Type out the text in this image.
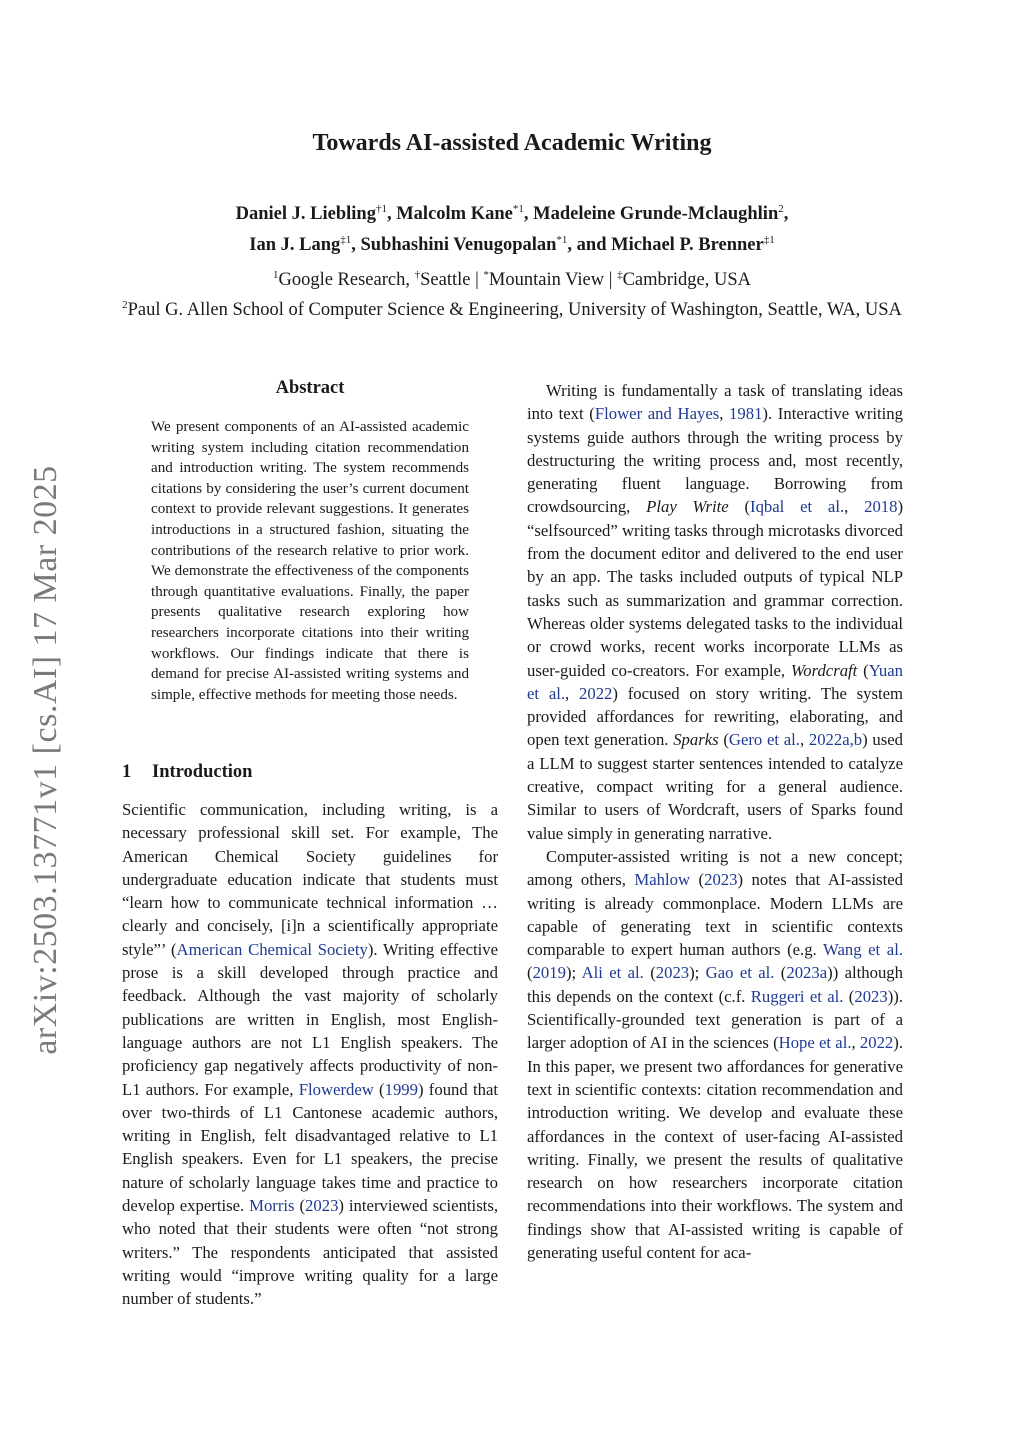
arXiv:2503.13771v1 [cs.AI] 17 Mar 2025
Towards AI-assisted Academic Writing
Daniel J. Liebling$^{\dagger 1}$, Malcolm Kane$^{*1}$, Madeleine Grunde-Mclaughlin$^2$,
Ian J. Lang$^{\ddagger 1}$, Subhashini Venugopalan$^{*1}$, and Michael P. Brenner$^{\ddagger 1}$
$^1$Google Research, †Seattle | *Mountain View | ‡Cambridge, USA
$^2$Paul G. Allen School of Computer Science & Engineering, University of Washington, Seattle, WA, USA
Abstract
We present components of an AI-assisted academic writing system including citation recommendation and introduction writing. The system recommends citations by considering the user’s current document context to provide relevant suggestions. It generates introductions in a structured fashion, situating the contributions of the research relative to prior work. We demonstrate the effectiveness of the components through quantitative evaluations. Finally, the paper presents qualitative research exploring how researchers incorporate citations into their writing workflows. Our findings indicate that there is demand for precise AI-assisted writing systems and simple, effective methods for meeting those needs.
1 Introduction

Scientific communication, including writing, is a necessary professional skill set. For example, The American Chemical Society guidelines for undergraduate education indicate that students must “learn how to communicate technical information …clearly and concisely, [i]n a scientifically appropriate style”’ (American Chemical Society). Writing effective prose is a skill developed through practice and feedback. Although the vast majority of scholarly publications are written in English, most English-language authors are not L1 English speakers. The proficiency gap negatively affects productivity of non-L1 authors. For example, Flowerdew (1999) found that over two-thirds of L1 Cantonese academic authors, writing in English, felt disadvantaged relative to L1 English speakers. Even for L1 speakers, the precise nature of scholarly language takes time and practice to develop expertise. Morris (2023) interviewed scientists, who noted that their students were often “not strong writers.” The respondents anticipated that assisted writing would “improve writing quality for a large number of students.”

Writing is fundamentally a task of translating ideas into text (Flower and Hayes, 1981). Interactive writing systems guide authors through the writing process by destructuring the writing process and, most recently, generating fluent language. Borrowing from crowdsourcing, Play Write (Iqbal et al., 2018) “selfsourced” writing tasks through microtasks divorced from the document editor and delivered to the end user by an app. The tasks included outputs of typical NLP tasks such as summarization and grammar correction. Whereas older systems delegated tasks to the individual or crowd works, recent works incorporate LLMs as user-guided co-creators. For example, Wordcraft (Yuan et al., 2022) focused on story writing. The system provided affordances for rewriting, elaborating, and open text generation. Sparks (Gero et al., 2022a,b) used a LLM to suggest starter sentences intended to catalyze creative, compact writing for a general audience. Similar to users of Wordcraft, users of Sparks found value simply in generating narrative.

Computer-assisted writing is not a new concept; among others, Mahlow (2023) notes that AI-assisted writing is already commonplace. Modern LLMs are capable of generating text in scientific contexts comparable to expert human authors (e.g. Wang et al. (2019); Ali et al. (2023); Gao et al. (2023a)) although this depends on the context (c.f. Ruggeri et al. (2023)). Scientifically-grounded text generation is part of a larger adoption of AI in the sciences (Hope et al., 2022). In this paper, we present two affordances for generative text in scientific contexts: citation recommendation and introduction writing. We develop and evaluate these affordances in the context of user-facing AI-assisted writing. Finally, we present the results of qualitative research on how researchers incorporate citation recommendations into their workflows. The system and findings show that AI-assisted writing is capable of generating useful content for aca-
